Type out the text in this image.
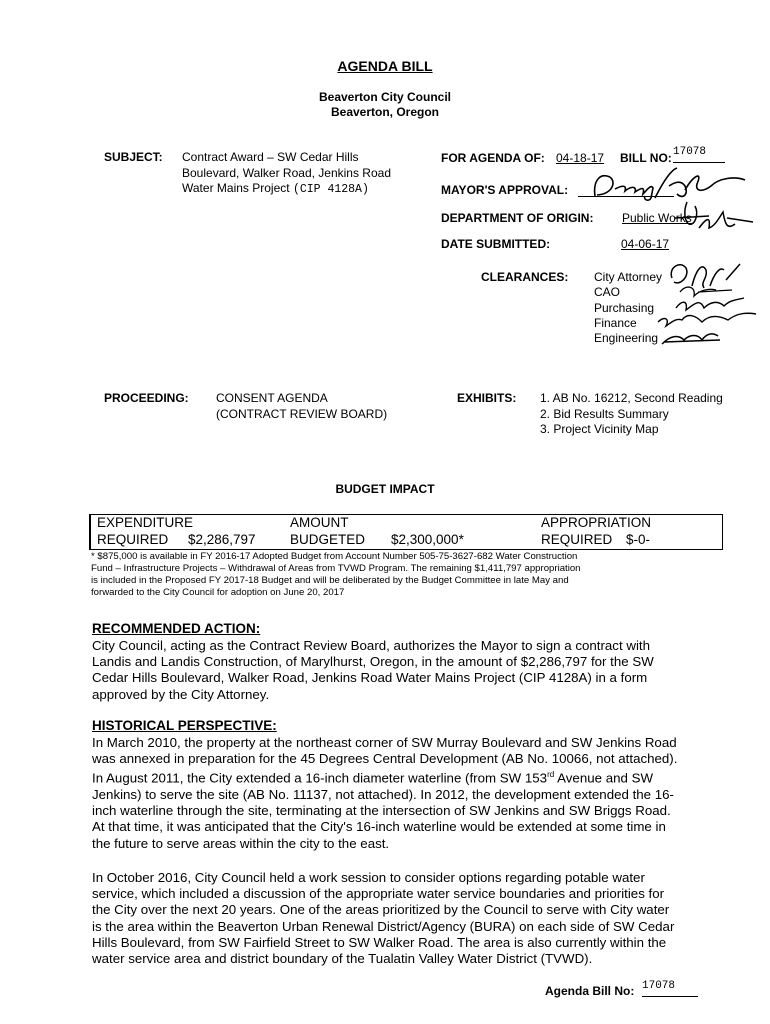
AGENDA BILL
Beaverton City Council
Beaverton, Oregon
SUBJECT: Contract Award – SW Cedar Hills
Boulevard, Walker Road, Jenkins Road
Water Mains Project (CIP 4128A)
FOR AGENDA OF: 04-18-17 BILL NO: 17078
MAYOR'S APPROVAL:
DEPARTMENT OF ORIGIN: Public Works
DATE SUBMITTED:	04-06-17
CLEARANCES: City Attorney
CAO
Purchasing
Finance
Engineering
PROCEEDING: CONSENT AGENDA
(CONTRACT REVIEW BOARD)
EXHIBITS: 1. AB No. 16212, Second Reading
2. Bid Results Summary
3. Project Vicinity Map
BUDGET IMPACT
EXPENDITURE
REQUIRED $2,286,797
AMOUNT
BUDGETED $2,300,000*
APPROPRIATION
REQUIRED $-0-
* $875,000 is available in FY 2016-17 Adopted Budget from Account Number 505-75-3627-682 Water Construction
Fund – Infrastructure Projects – Withdrawal of Areas from TVWD Program. The remaining $1,411,797 appropriation
is included in the Proposed FY 2017-18 Budget and will be deliberated by the Budget Committee in late May and
forwarded to the City Council for adoption on June 20, 2017
RECOMMENDED ACTION:
City Council, acting as the Contract Review Board, authorizes the Mayor to sign a contract with
Landis and Landis Construction, of Marylhurst, Oregon, in the amount of $2,286,797 for the SW
Cedar Hills Boulevard, Walker Road, Jenkins Road Water Mains Project (CIP 4128A) in a form
approved by the City Attorney.
HISTORICAL PERSPECTIVE:
In March 2010, the property at the northeast corner of SW Murray Boulevard and SW Jenkins Road
was annexed in preparation for the 45 Degrees Central Development (AB No. 10066, not attached).
In August 2011, the City extended a 16-inch diameter waterline (from SW 153rd Avenue and SW
Jenkins) to serve the site (AB No. 11137, not attached). In 2012, the development extended the 16-
inch waterline through the site, terminating at the intersection of SW Jenkins and SW Briggs Road.
At that time, it was anticipated that the City's 16-inch waterline would be extended at some time in
the future to serve areas within the city to the east.
In October 2016, City Council held a work session to consider options regarding potable water
service, which included a discussion of the appropriate water service boundaries and priorities for
the City over the next 20 years. One of the areas prioritized by the Council to serve with City water
is the area within the Beaverton Urban Renewal District/Agency (BURA) on each side of SW Cedar
Hills Boulevard, from SW Fairfield Street to SW Walker Road. The area is also currently within the
water service area and district boundary of the Tualatin Valley Water District (TVWD).
Agenda Bill No: 17078
